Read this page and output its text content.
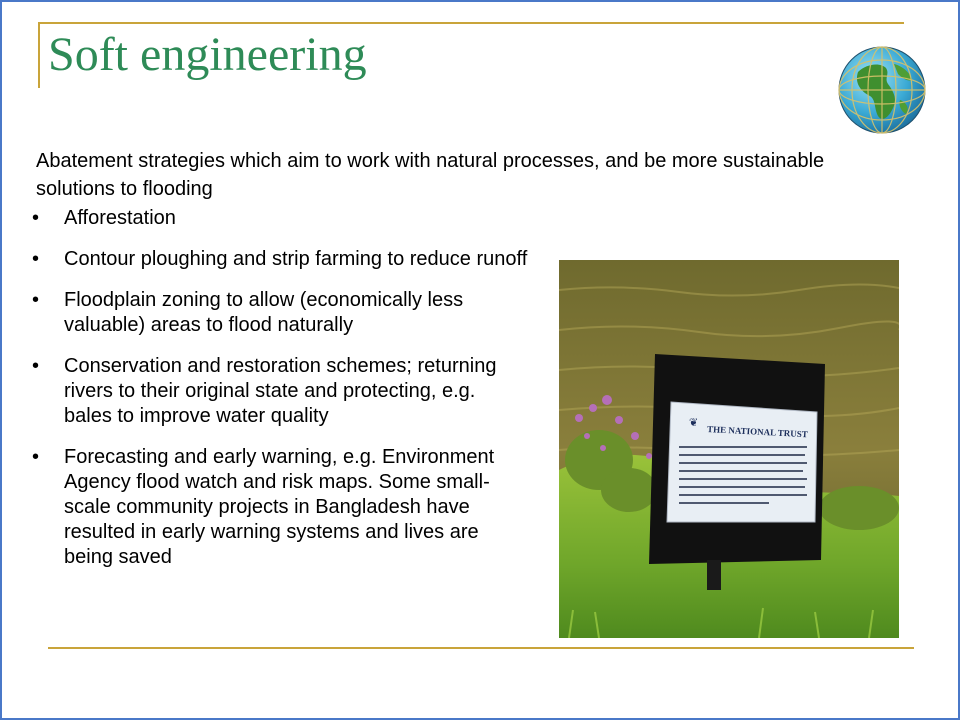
Soft engineering

Abatement strategies which aim to work with natural processes, and be more sustainable solutions to flooding

• Afforestation
• Contour ploughing and strip farming to reduce runoff
• Floodplain zoning to allow (economically less valuable) areas to flood naturally
• Conservation and restoration schemes; returning rivers to their original state and protecting, e.g. bales to improve water quality
• Forecasting and early warning, e.g. Environment Agency flood watch and risk maps. Some small-scale community projects in Bangladesh have resulted in early warning systems and lives are being saved
THE NATIONAL TRUST
❦
